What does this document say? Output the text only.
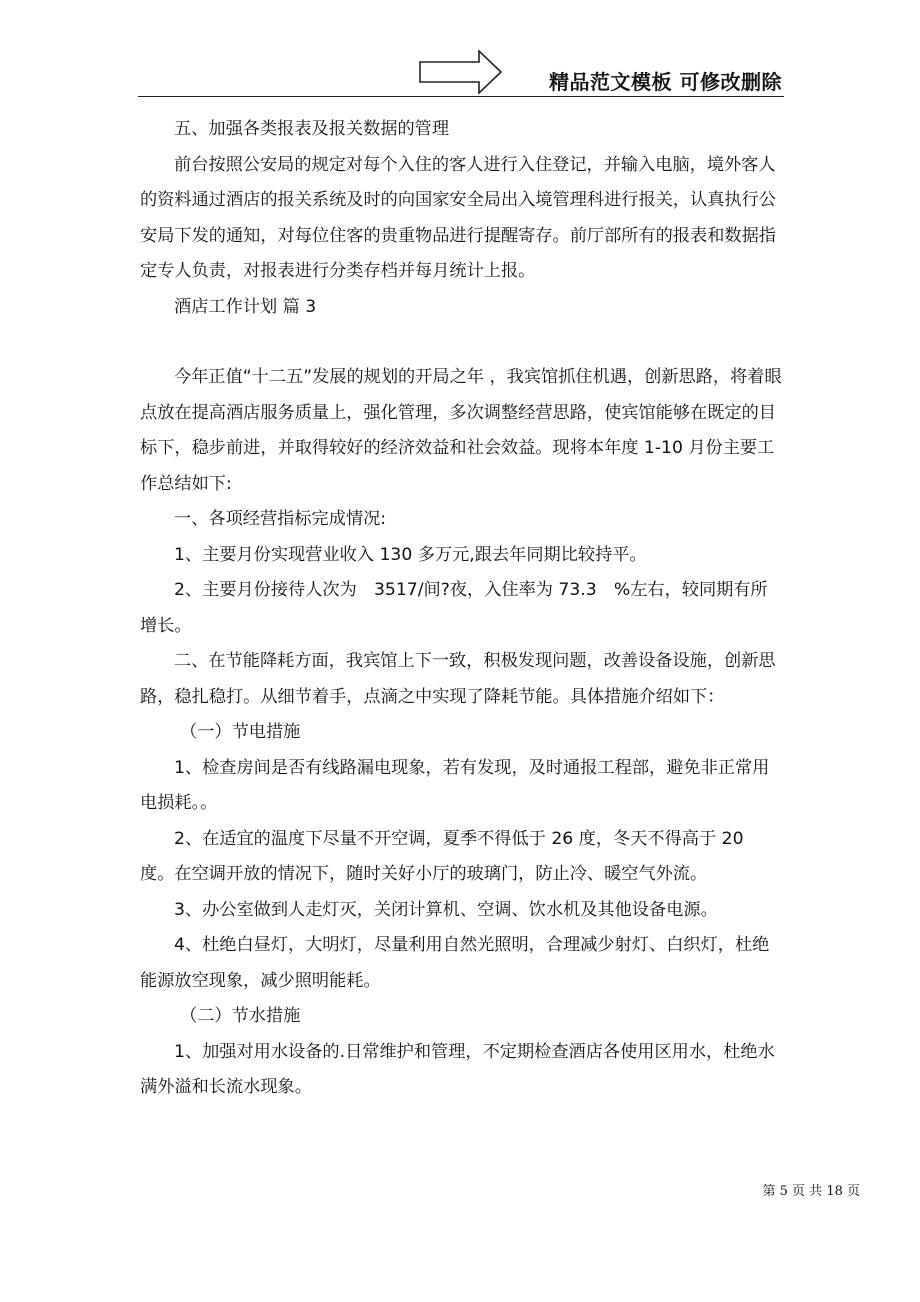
精品范文模板 可修改删除

五、加强各类报表及报关数据的管理

前台按照公安局的规定对每个入住的客人进行入住登记，并输入电脑，境外客人的资料通过酒店的报关系统及时的向国家安全局出入境管理科进行报关，认真执行公安局下发的通知，对每位住客的贵重物品进行提醒寄存。前厅部所有的报表和数据指定专人负责，对报表进行分类存档并每月统计上报。

酒店工作计划 篇 3

今年正值“十二五”发展的规划的开局之年 ，我宾馆抓住机遇，创新思路，将着眼点放在提高酒店服务质量上，强化管理，多次调整经营思路，使宾馆能够在既定的目标下，稳步前进，并取得较好的经济效益和社会效益。现将本年度 1-10 月份主要工作总结如下:

一、各项经营指标完成情况:

1、主要月份实现营业收入 130 多万元,跟去年同期比较持平。

2、主要月份接待人次为　3517/间?夜，入住率为 73.3　%左右，较同期有所增长。

二、在节能降耗方面，我宾馆上下一致，积极发现问题，改善设备设施，创新思路，稳扎稳打。从细节着手，点滴之中实现了降耗节能。具体措施介绍如下：

（一）节电措施

1、检查房间是否有线路漏电现象，若有发现，及时通报工程部，避免非正常用电损耗。。

2、在适宜的温度下尽量不开空调，夏季不得低于 26 度，冬天不得高于 20 度。在空调开放的情况下，随时关好小厅的玻璃门，防止冷、暖空气外流。

3、办公室做到人走灯灭，关闭计算机、空调、饮水机及其他设备电源。

4、杜绝白昼灯，大明灯，尽量利用自然光照明，合理减少射灯、白织灯，杜绝能源放空现象，减少照明能耗。

（二）节水措施

1、加强对用水设备的.日常维护和管理，不定期检查酒店各使用区用水，杜绝水满外溢和长流水现象。

第 5 页 共 18 页
